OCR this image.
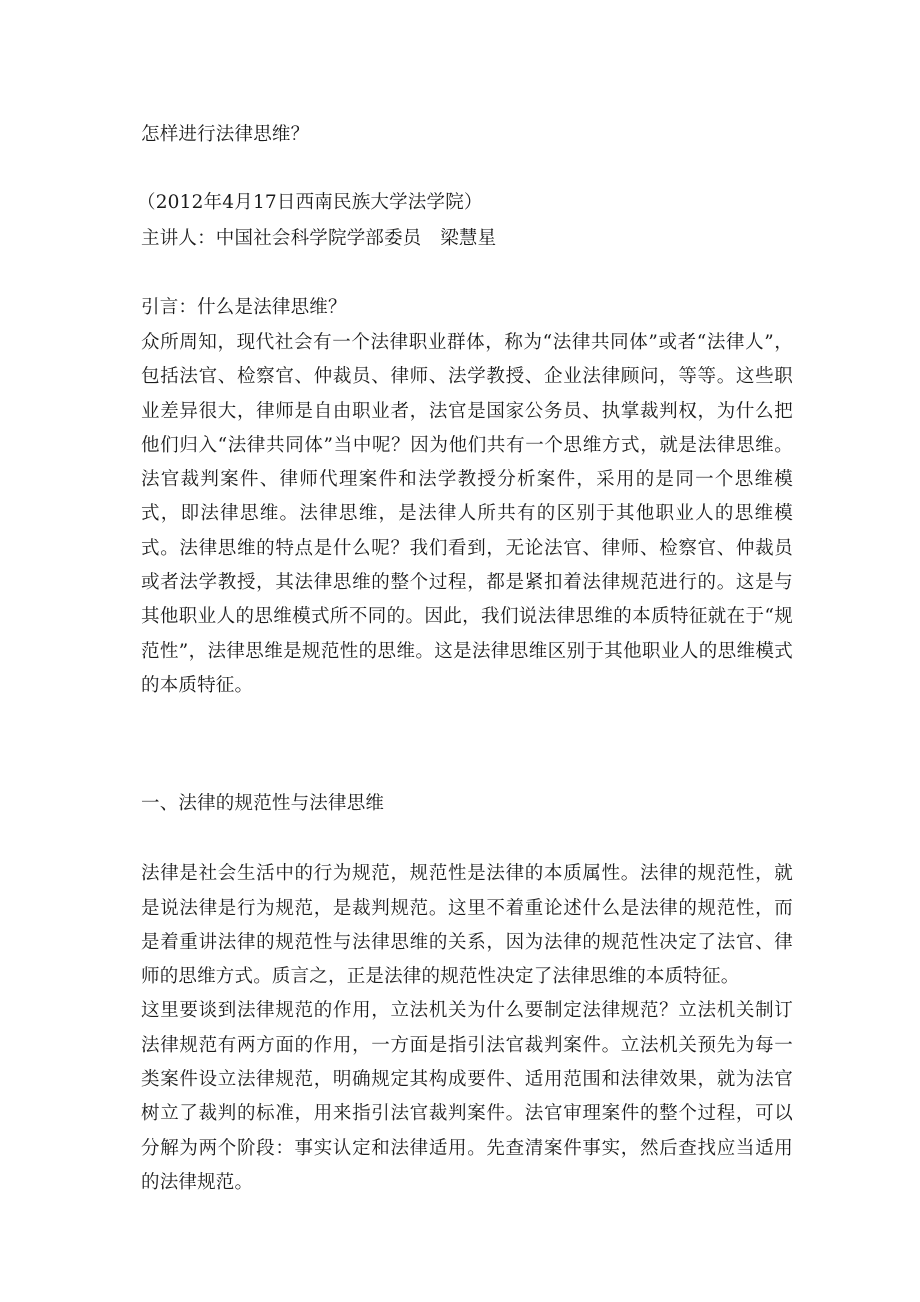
怎样进行法律思维？
（2012年4月17日西南民族大学法学院）
主讲人：中国社会科学院学部委员　梁慧星
引言：什么是法律思维？

众所周知，现代社会有一个法律职业群体，称为“法律共同体”或者“法律人”，包括法官、检察官、仲裁员、律师、法学教授、企业法律顾问，等等。这些职业差异很大，律师是自由职业者，法官是国家公务员、执掌裁判权，为什么把他们归入“法律共同体”当中呢？因为他们共有一个思维方式，就是法律思维。法官裁判案件、律师代理案件和法学教授分析案件，采用的是同一个思维模式，即法律思维。法律思维，是法律人所共有的区别于其他职业人的思维模式。法律思维的特点是什么呢？我们看到，无论法官、律师、检察官、仲裁员或者法学教授，其法律思维的整个过程，都是紧扣着法律规范进行的。这是与其他职业人的思维模式所不同的。因此，我们说法律思维的本质特征就在于“规范性”，法律思维是规范性的思维。这是法律思维区别于其他职业人的思维模式的本质特征。

一、法律的规范性与法律思维

法律是社会生活中的行为规范，规范性是法律的本质属性。法律的规范性，就是说法律是行为规范，是裁判规范。这里不着重论述什么是法律的规范性，而是着重讲法律的规范性与法律思维的关系，因为法律的规范性决定了法官、律师的思维方式。质言之，正是法律的规范性决定了法律思维的本质特征。

这里要谈到法律规范的作用，立法机关为什么要制定法律规范？立法机关制订法律规范有两方面的作用，一方面是指引法官裁判案件。立法机关预先为每一类案件设立法律规范，明确规定其构成要件、适用范围和法律效果，就为法官树立了裁判的标准，用来指引法官裁判案件。法官审理案件的整个过程，可以分解为两个阶段：事实认定和法律适用。先查清案件事实，然后查找应当适用的法律规范。
